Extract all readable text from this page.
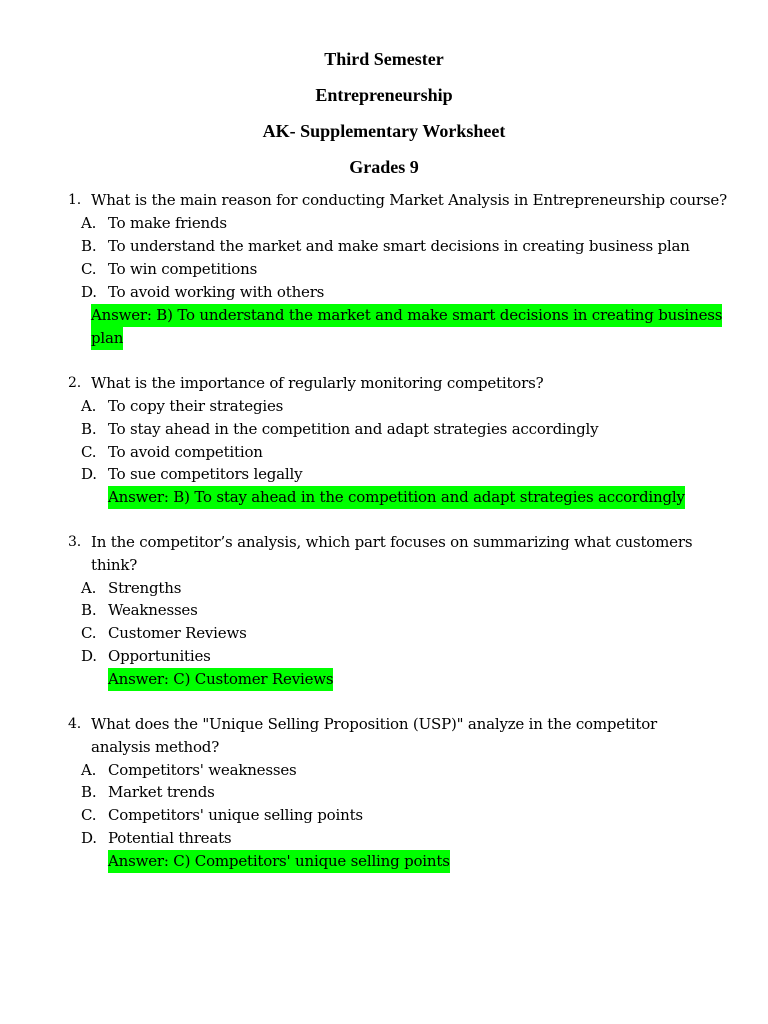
Third Semester
Entrepreneurship
AK- Supplementary Worksheet
Grades 9
1. What is the main reason for conducting Market Analysis in Entrepreneurship course?
A. To make friends
B. To understand the market and make smart decisions in creating business plan
C. To win competitions
D. To avoid working with others
Answer: B) To understand the market and make smart decisions in creating business
plan
2. What is the importance of regularly monitoring competitors?
A. To copy their strategies
B. To stay ahead in the competition and adapt strategies accordingly
C. To avoid competition
D. To sue competitors legally
Answer: B) To stay ahead in the competition and adapt strategies accordingly
3. In the competitor’s analysis, which part focuses on summarizing what customers
think?
A. Strengths
B. Weaknesses
C. Customer Reviews
D. Opportunities
Answer: C) Customer Reviews
4. What does the "Unique Selling Proposition (USP)" analyze in the competitor
analysis method?
A. Competitors' weaknesses
B. Market trends
C. Competitors' unique selling points
D. Potential threats
Answer: C) Competitors' unique selling points
